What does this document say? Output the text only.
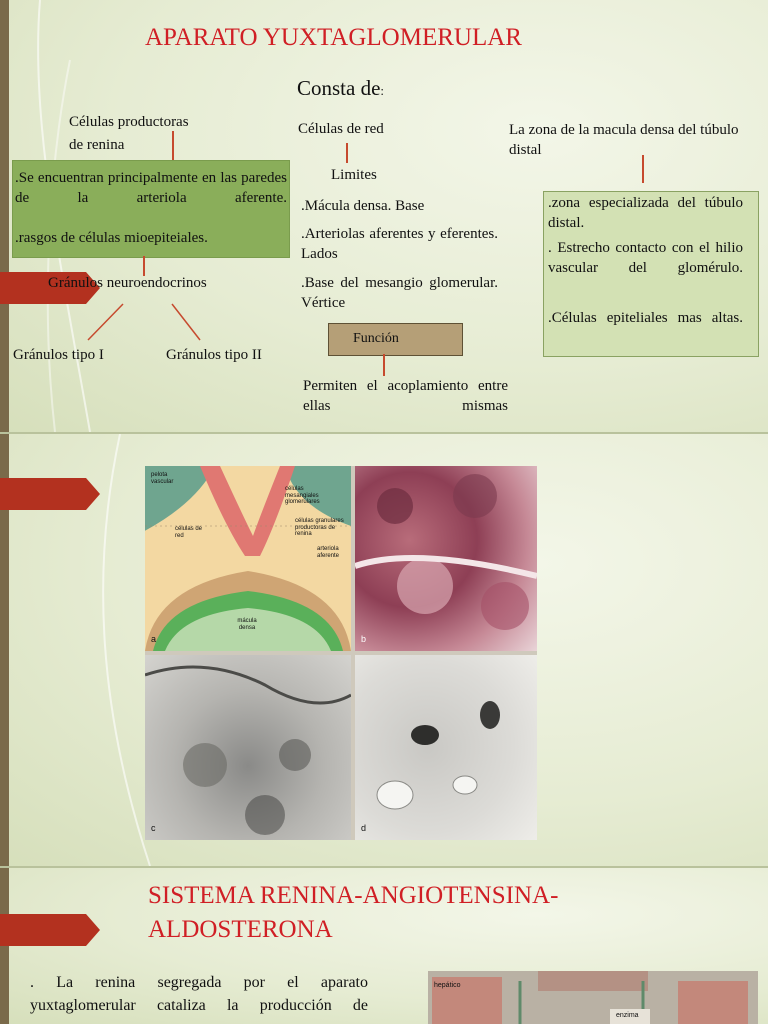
APARATO YUXTAGLOMERULAR
Consta de:
Células productoras
de renina
.Se encuentran principalmente en las paredes de la arteriola aferente.
.rasgos de células mioepiteiales.
Gránulos neuroendocrinos
Gránulos tipo I	Gránulos tipo II
Células de red
Limites
.Mácula densa. Base
.Arteriolas aferentes y eferentes. Lados
.Base del mesangio glomerular. Vértice
Función
Permiten el acoplamiento entre ellas mismas
La zona de la macula densa del túbulo distal
.zona especializada del túbulo distal.
. Estrecho contacto con el hilio vascular del glomérulo.
.Células epiteliales mas altas.
pelota vascular
células de red
células mesangiales glomerulares
células granulares productoras de renina
arteriola aferente
mácula densa
a	b
c	d
SISTEMA RENINA-ANGIOTENSINA-
ALDOSTERONA
. La renina segregada por el aparato
yuxtaglomerular cataliza la producción de
hepático
enzima
